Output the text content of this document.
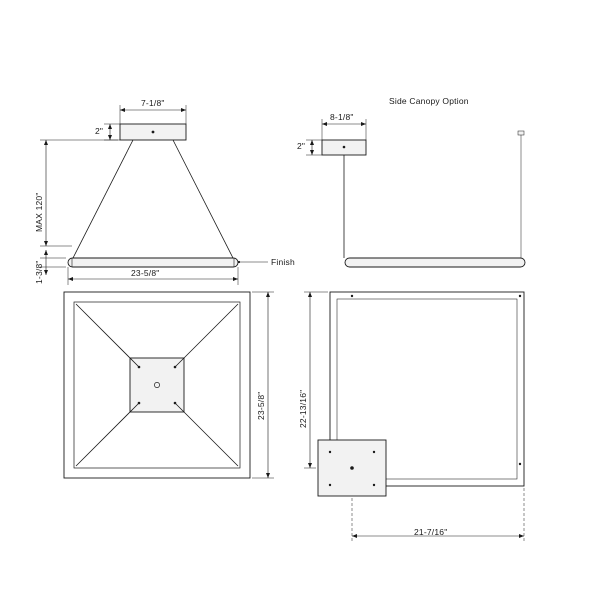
7-1/8"
2"
MAX 120"
1-3/8"	23-5/8"
Finish
Side Canopy Option
8-1/8"
2"
23-5/8"	22-13/16"
21-7/16"
